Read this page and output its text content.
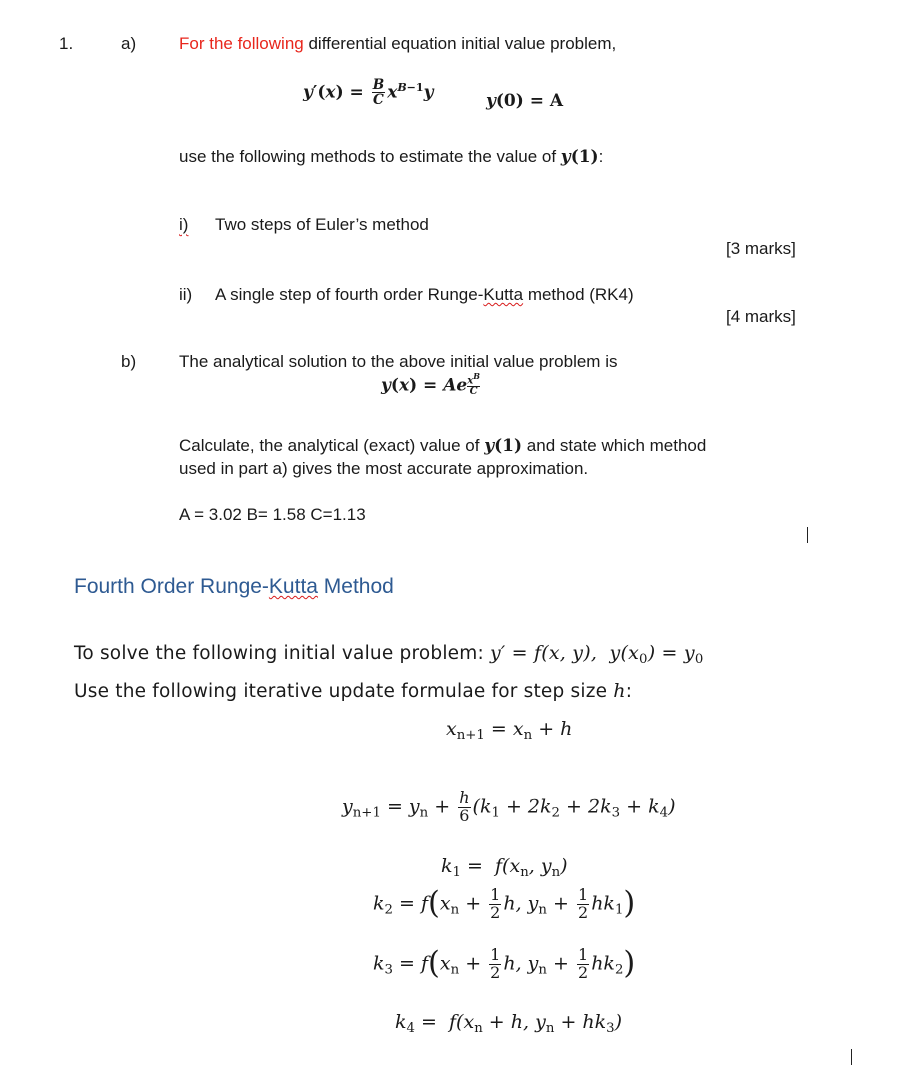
1.	a)	For the following differential equation initial value problem,
$y'(x) = \frac{B}{C} x^{B-1}y$	y(0) = A
use the following methods to estimate the value of y(1):
i) Two steps of Euler’s method
[3 marks]
ii) A single step of fourth order Runge-Kutta method (RK4)
[4 marks]
b)	The analytical solution to the above initial value problem is
y(x) = Ae $\frac{x^B}{C}$
Calculate, the analytical (exact) value of y(1) and state which method
used in part a) gives the most accurate approximation.
A = 3.02 B= 1.58 C=1.13
Fourth Order Runge-Kutta Method
To solve the following initial value problem: y′ = f(x, y),  $y(x_0) = y_0$
Use the following iterative update formulae for step size h:
$x_{n+1} = x_n + h$
$y_{n+1} = y_n + \frac{h}{6} (k_1 + 2k_2 + 2k_3 + k_4)$
$k_1 = f(x_n$, $y_n$)
$k_2 = f(x_n + \frac{1}{2} h$, $y_n + \frac{1}{2} hk_1$)
$k_3 = f(x_n + \frac{1}{2} h$, $y_n + \frac{1}{2} hk_2$)
$k_4 = f(x_n + h$, $y_n + hk_3$)
